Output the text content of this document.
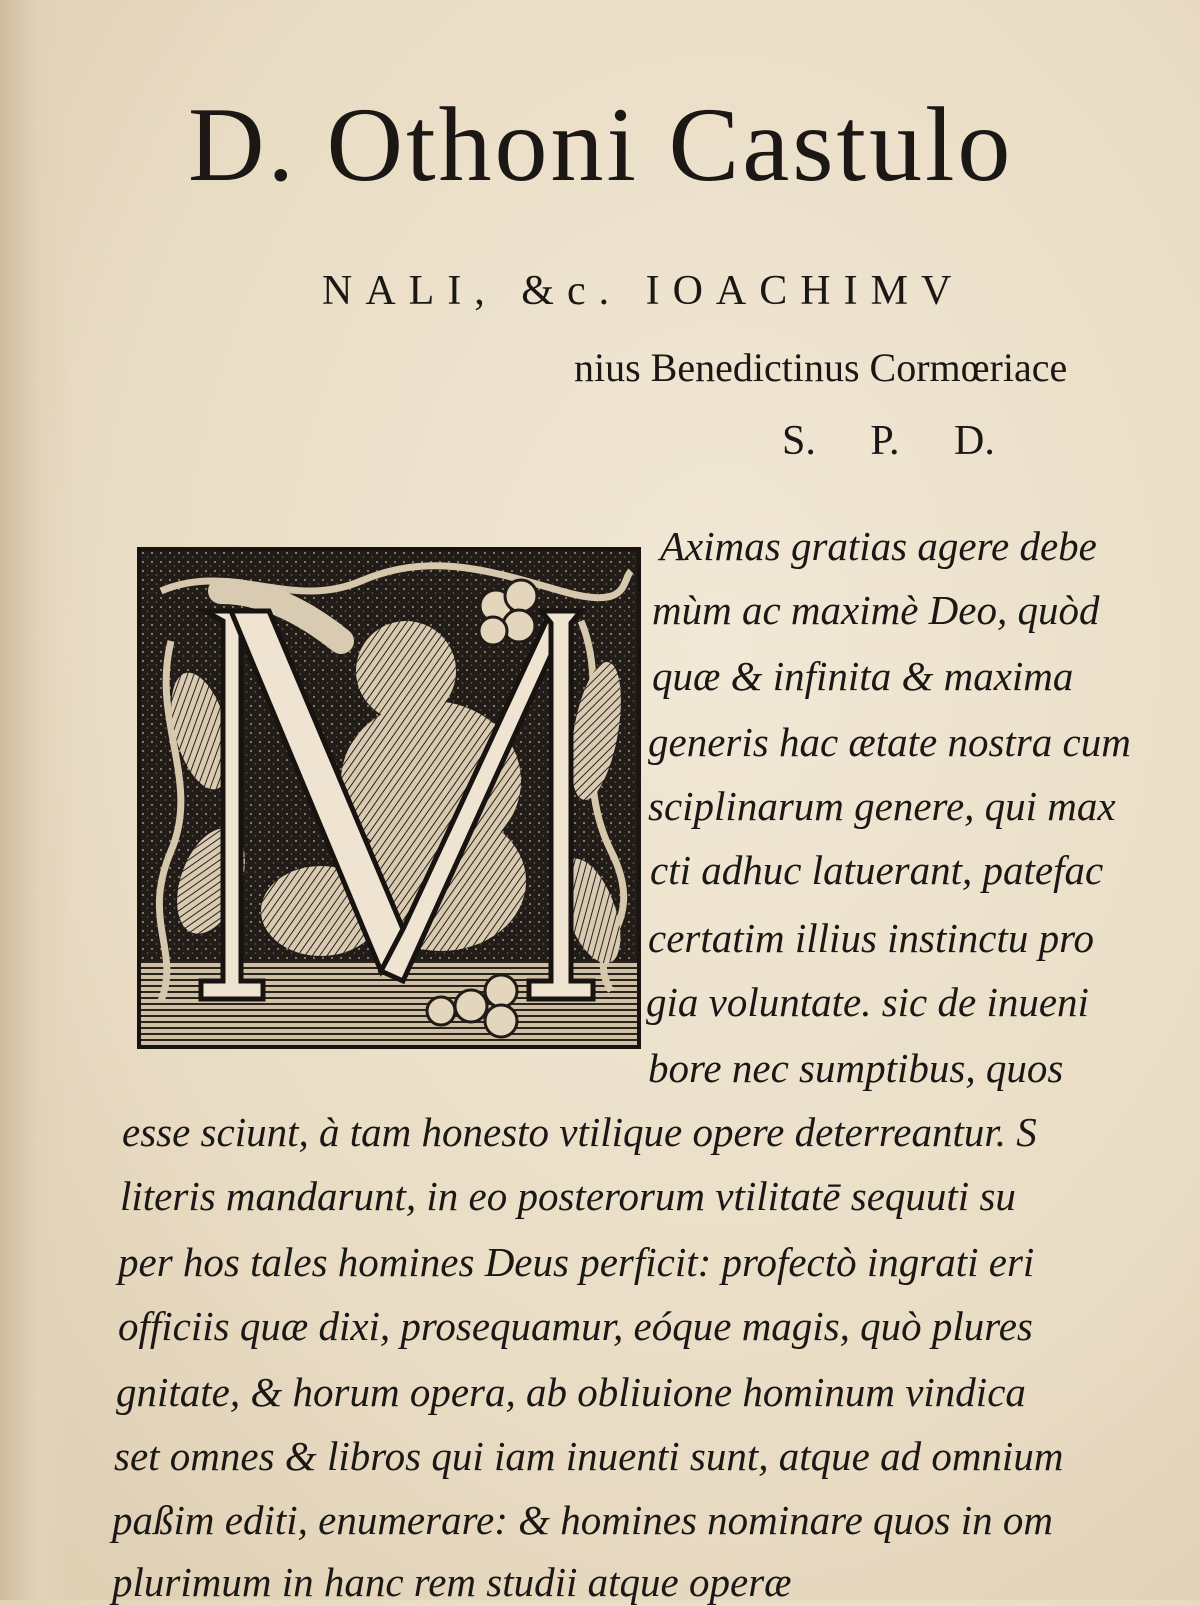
D. Othoni Castulo
NALI, &c. IOACHIMV
nius Benedictinus Cormœriace
S. P. D.
Aximas gratias agere debe
mùm ac maximè Deo, quòd
quæ & infinita & maxima
generis hac ætate nostra cum
sciplinarum genere, qui max
cti adhuc latuerant, patefac
certatim illius instinctu pro
gia voluntate. sic de inueni
bore nec sumptibus, quos
esse sciunt, à tam honesto vtilique opere deterreantur. S
literis mandarunt, in eo posterorum vtilitatē sequuti su
per hos tales homines Deus perficit: profectò ingrati eri
officiis quæ dixi, prosequamur, eóque magis, quò plures
gnitate, & horum opera, ab obliuione hominum vindica
set omnes & libros qui iam inuenti sunt, atque ad omnium
paßim editi, enumerare: & homines nominare quos in om
plurimum in hanc rem studii atque operæ
